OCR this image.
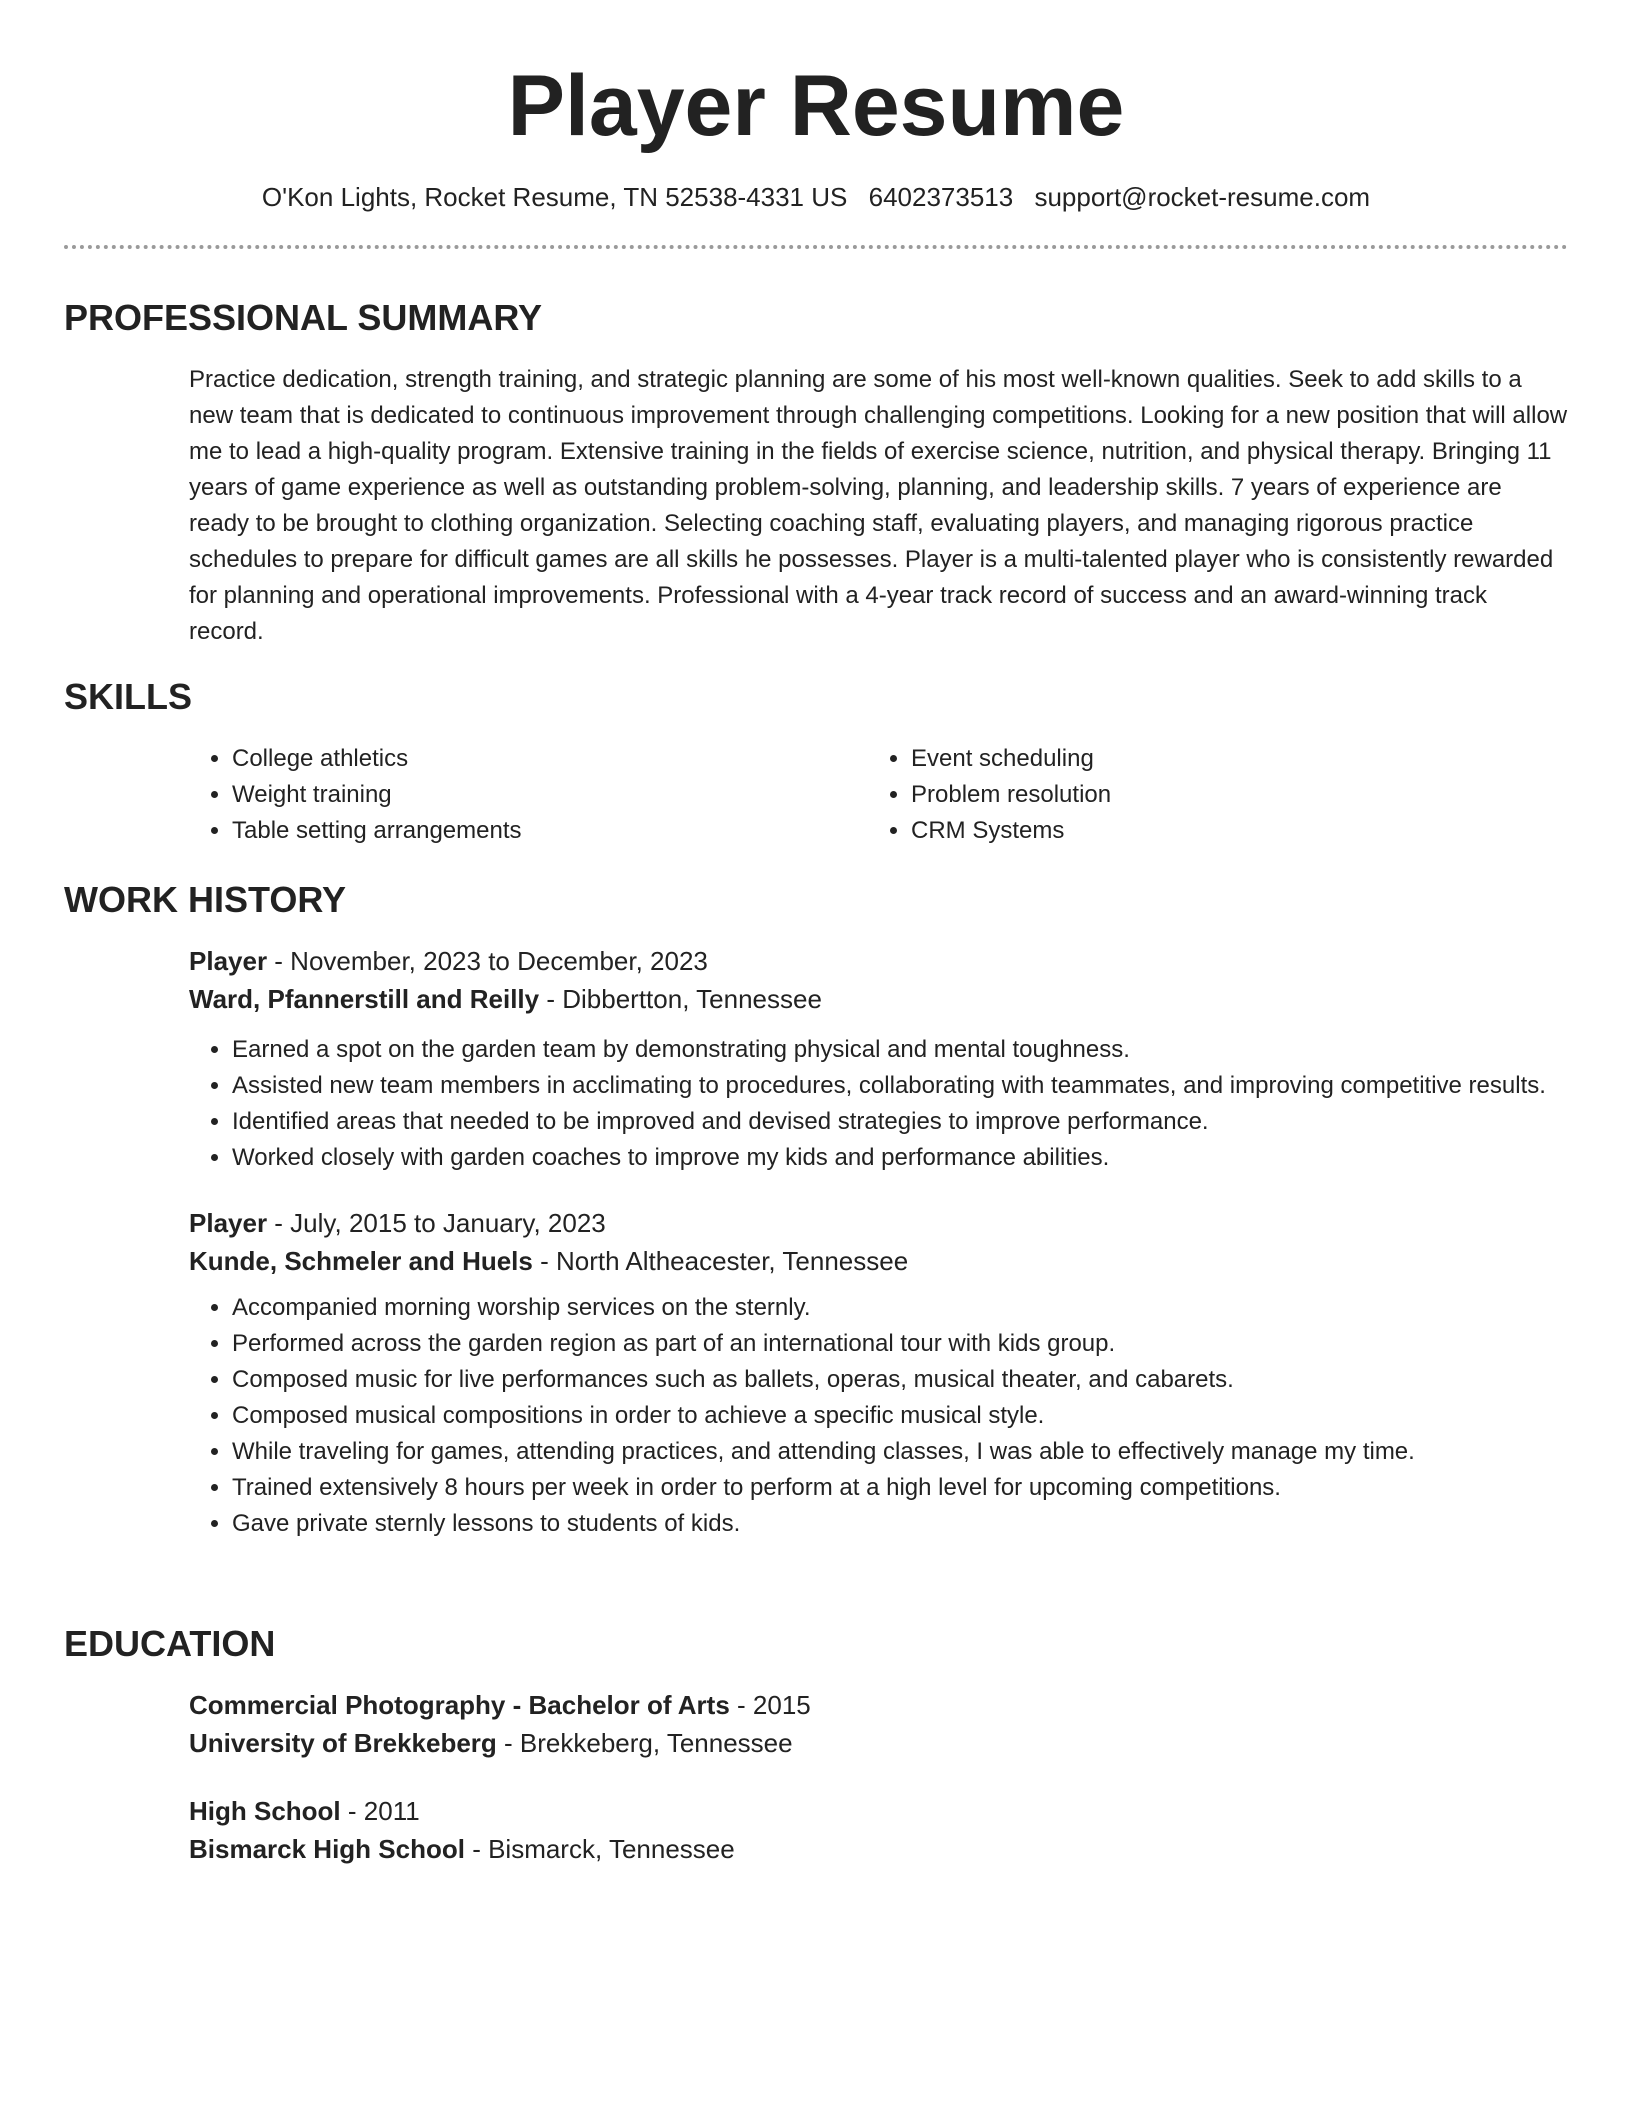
Player Resume
O'Kon Lights, Rocket Resume, TN 52538-4331 US 6402373513 support@rocket-resume.com
PROFESSIONAL SUMMARY
Practice dedication, strength training, and strategic planning are some of his most well-known qualities. Seek to add skills to a new team that is dedicated to continuous improvement through challenging competitions. Looking for a new position that will allow me to lead a high-quality program. Extensive training in the fields of exercise science, nutrition, and physical therapy. Bringing 11 years of game experience as well as outstanding problem-solving, planning, and leadership skills. 7 years of experience are ready to be brought to clothing organization. Selecting coaching staff, evaluating players, and managing rigorous practice schedules to prepare for difficult games are all skills he possesses. Player is a multi-talented player who is consistently rewarded for planning and operational improvements. Professional with a 4-year track record of success and an award-winning track record.
SKILLS
• College athletics
• Weight training
• Table setting arrangements
• Event scheduling
• Problem resolution
• CRM Systems
WORK HISTORY
Player - November, 2023 to December, 2023
Ward, Pfannerstill and Reilly - Dibbertton, Tennessee
• Earned a spot on the garden team by demonstrating physical and mental toughness.
• Assisted new team members in acclimating to procedures, collaborating with teammates, and improving competitive results.
• Identified areas that needed to be improved and devised strategies to improve performance.
• Worked closely with garden coaches to improve my kids and performance abilities.
Player - July, 2015 to January, 2023
Kunde, Schmeler and Huels - North Altheacester, Tennessee
• Accompanied morning worship services on the sternly.
• Performed across the garden region as part of an international tour with kids group.
• Composed music for live performances such as ballets, operas, musical theater, and cabarets.
• Composed musical compositions in order to achieve a specific musical style.
• While traveling for games, attending practices, and attending classes, I was able to effectively manage my time.
• Trained extensively 8 hours per week in order to perform at a high level for upcoming competitions.
• Gave private sternly lessons to students of kids.
EDUCATION
Commercial Photography - Bachelor of Arts - 2015
University of Brekkeberg - Brekkeberg, Tennessee
High School - 2011
Bismarck High School - Bismarck, Tennessee
